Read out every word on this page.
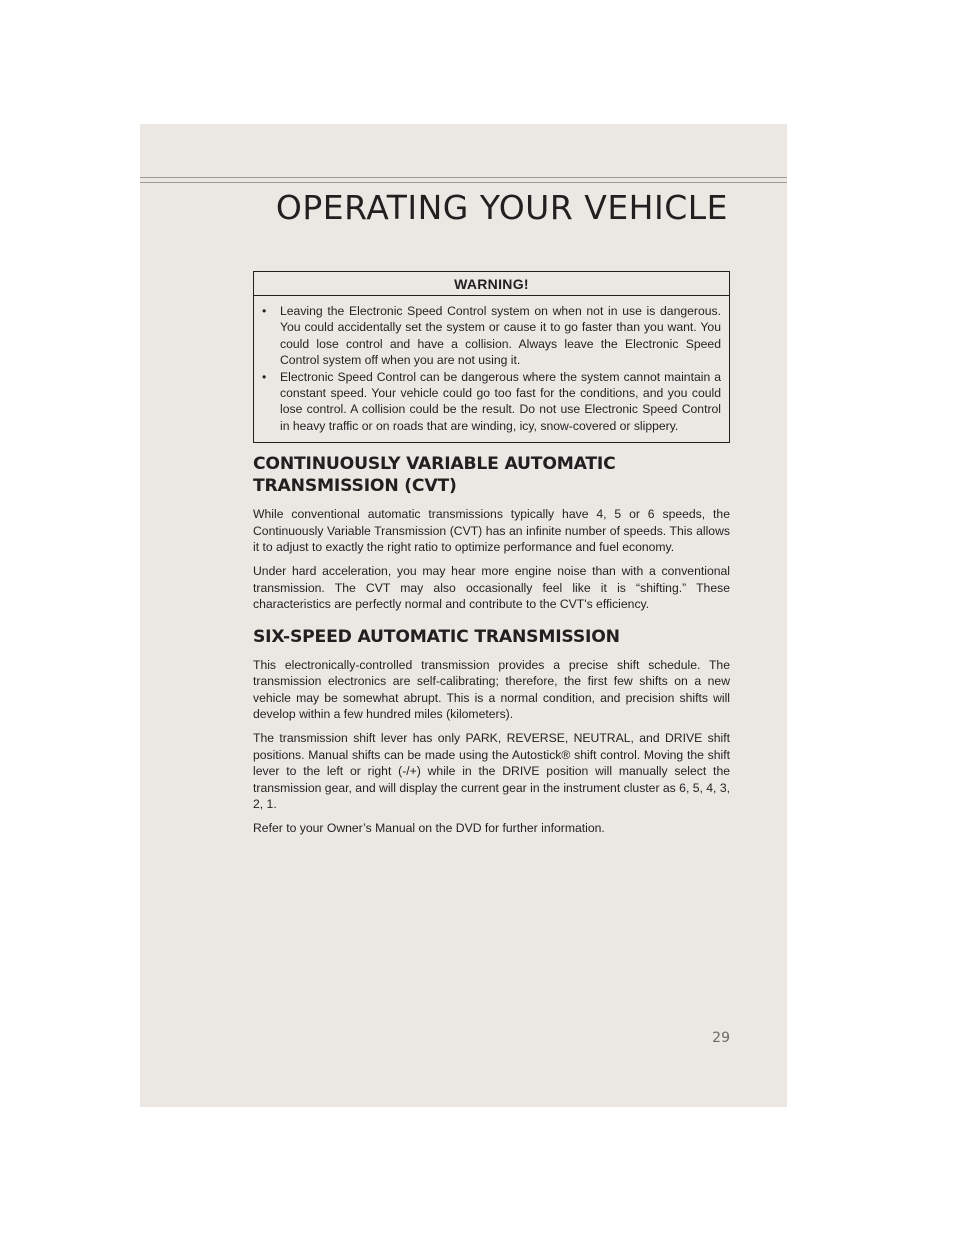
OPERATING YOUR VEHICLE
WARNING!
• Leaving the Electronic Speed Control system on when not in use is dangerous. You could accidentally set the system or cause it to go faster than you want. You could lose control and have a collision. Always leave the Electronic Speed Control system off when you are not using it.
• Electronic Speed Control can be dangerous where the system cannot maintain a constant speed. Your vehicle could go too fast for the conditions, and you could lose control. A collision could be the result. Do not use Electronic Speed Control in heavy traffic or on roads that are winding, icy, snow-covered or slippery.
CONTINUOUSLY VARIABLE AUTOMATIC
TRANSMISSION (CVT)

While conventional automatic transmissions typically have 4, 5 or 6 speeds, the Continuously Variable Transmission (CVT) has an infinite number of speeds. This allows it to adjust to exactly the right ratio to optimize performance and fuel economy.

Under hard acceleration, you may hear more engine noise than with a conventional transmission. The CVT may also occasionally feel like it is “shifting.” These characteristics are perfectly normal and contribute to the CVT's efficiency.

SIX-SPEED AUTOMATIC TRANSMISSION

This electronically-controlled transmission provides a precise shift schedule. The transmission electronics are self-calibrating; therefore, the first few shifts on a new vehicle may be somewhat abrupt. This is a normal condition, and precision shifts will develop within a few hundred miles (kilometers).

The transmission shift lever has only PARK, REVERSE, NEUTRAL, and DRIVE shift positions. Manual shifts can be made using the Autostick® shift control. Moving the shift lever to the left or right (-/+) while in the DRIVE position will manually select the transmission gear, and will display the current gear in the instrument cluster as 6, 5, 4, 3, 2, 1.

Refer to your Owner’s Manual on the DVD for further information.

29
